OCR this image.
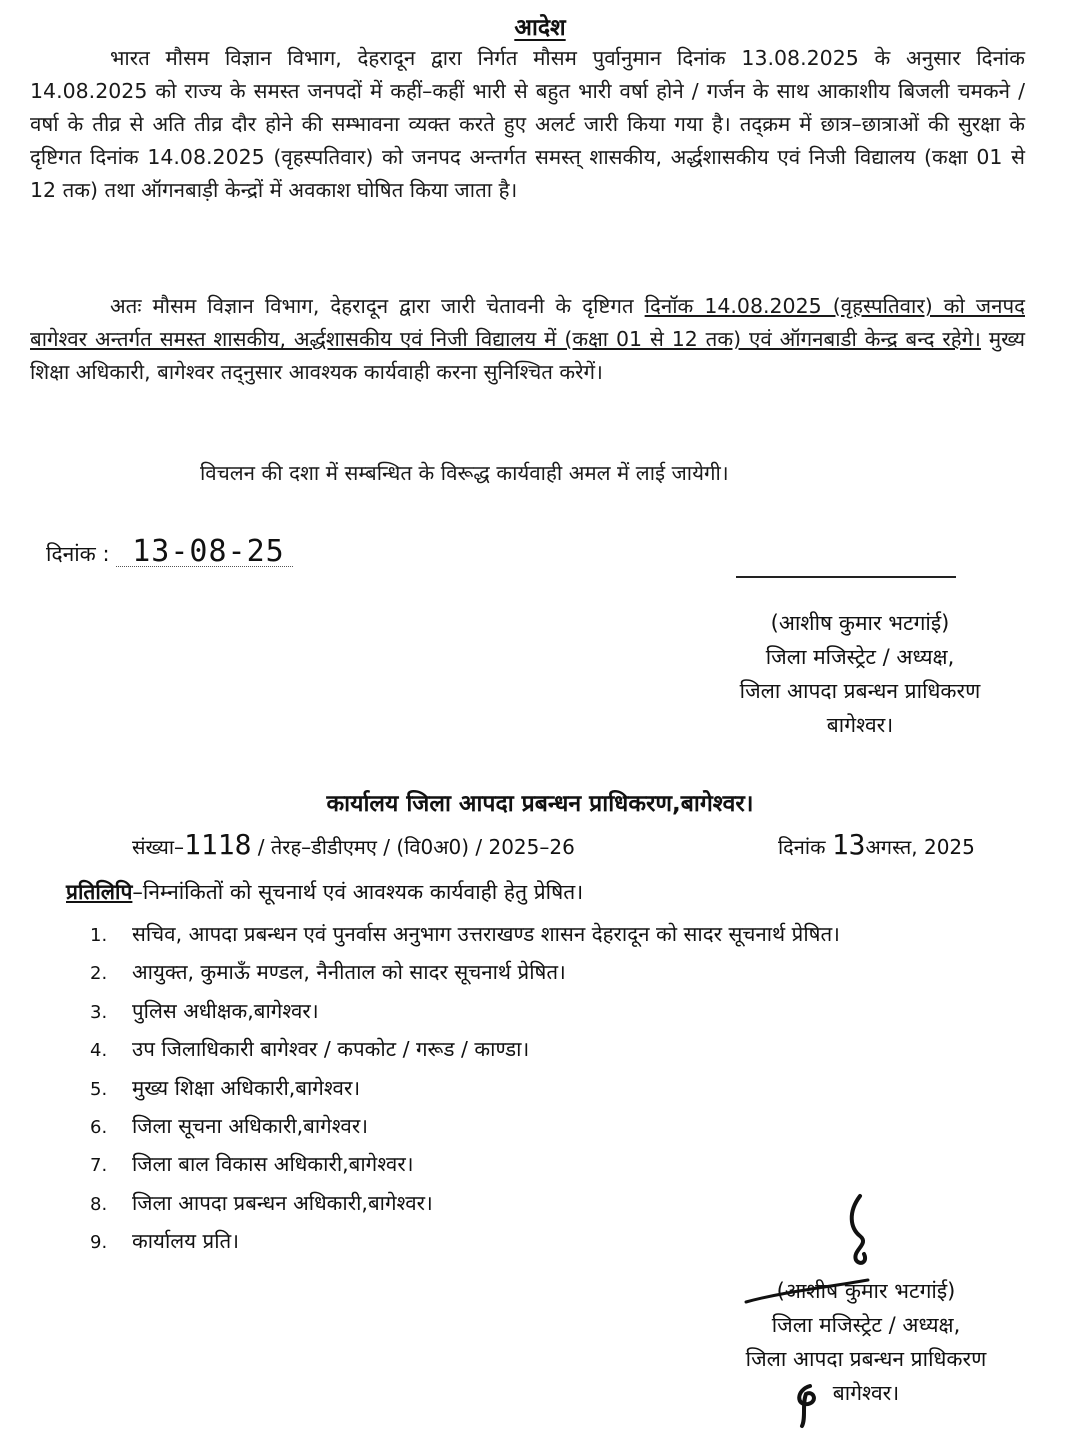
आदेश
भारत मौसम विज्ञान विभाग, देहरादून द्वारा निर्गत मौसम पुर्वानुमान दिनांक 13.08.2025 के अनुसार दिनांक 14.08.2025 को राज्य के समस्त जनपदों में कहीं–कहीं भारी से बहुत भारी वर्षा होने / गर्जन के साथ आकाशीय बिजली चमकने / वर्षा के तीव्र से अति तीव्र दौर होने की सम्भावना व्यक्त करते हुए अलर्ट जारी किया गया है। तद्क्रम में छात्र–छात्राओं की सुरक्षा के दृष्टिगत दिनांक 14.08.2025 (वृहस्पतिवार) को जनपद अन्तर्गत समस्त् शासकीय, अर्द्धशासकीय एवं निजी विद्यालय (कक्षा 01 से 12 तक) तथा ऑगनबाड़ी केन्द्रों में अवकाश घोषित किया जाता है।
अतः मौसम विज्ञान विभाग, देहरादून द्वारा जारी चेतावनी के दृष्टिगत दिनॉक 14.08.2025 (वृहस्पतिवार) को जनपद बागेश्वर अन्तर्गत समस्त शासकीय, अर्द्धशासकीय एवं निजी विद्यालय में (कक्षा 01 से 12 तक) एवं ऑगनबाडी केन्द्र बन्द रहेगे। मुख्य शिक्षा अधिकारी, बागेश्वर तद्नुसार आवश्यक कार्यवाही करना सुनिश्चित करेगें।
विचलन की दशा में सम्बन्धित के विरूद्ध कार्यवाही अमल में लाई जायेगी।
दिनांक : 13-08-25
(आशीष कुमार भटगांई)
जिला मजिस्ट्रेट / अध्यक्ष,
जिला आपदा प्रबन्धन प्राधिकरण
बागेश्वर।
कार्यालय जिला आपदा प्रबन्धन प्राधिकरण,बागेश्वर।
संख्या–1118 / तेरह–डीडीएमए / (वि0अ0) / 2025–26	दिनांक 13अगस्त, 2025
प्रतिलिपि–निम्नांकितों को सूचनार्थ एवं आवश्यक कार्यवाही हेतु प्रेषित।
1. सचिव, आपदा प्रबन्धन एवं पुनर्वास अनुभाग उत्तराखण्ड शासन देहरादून को सादर सूचनार्थ प्रेषित।
2. आयुक्त, कुमाऊँ मण्डल, नैनीताल को सादर सूचनार्थ प्रेषित।
3. पुलिस अधीक्षक,बागेश्वर।
4. उप जिलाधिकारी बागेश्वर / कपकोट / गरूड / काण्डा।
5. मुख्य शिक्षा अधिकारी,बागेश्वर।
6. जिला सूचना अधिकारी,बागेश्वर।
7. जिला बाल विकास अधिकारी,बागेश्वर।
8. जिला आपदा प्रबन्धन अधिकारी,बागेश्वर।
9. कार्यालय प्रति।
(आशीष कुमार भटगांई)
जिला मजिस्ट्रेट / अध्यक्ष,
जिला आपदा प्रबन्धन प्राधिकरण
बागेश्वर।
